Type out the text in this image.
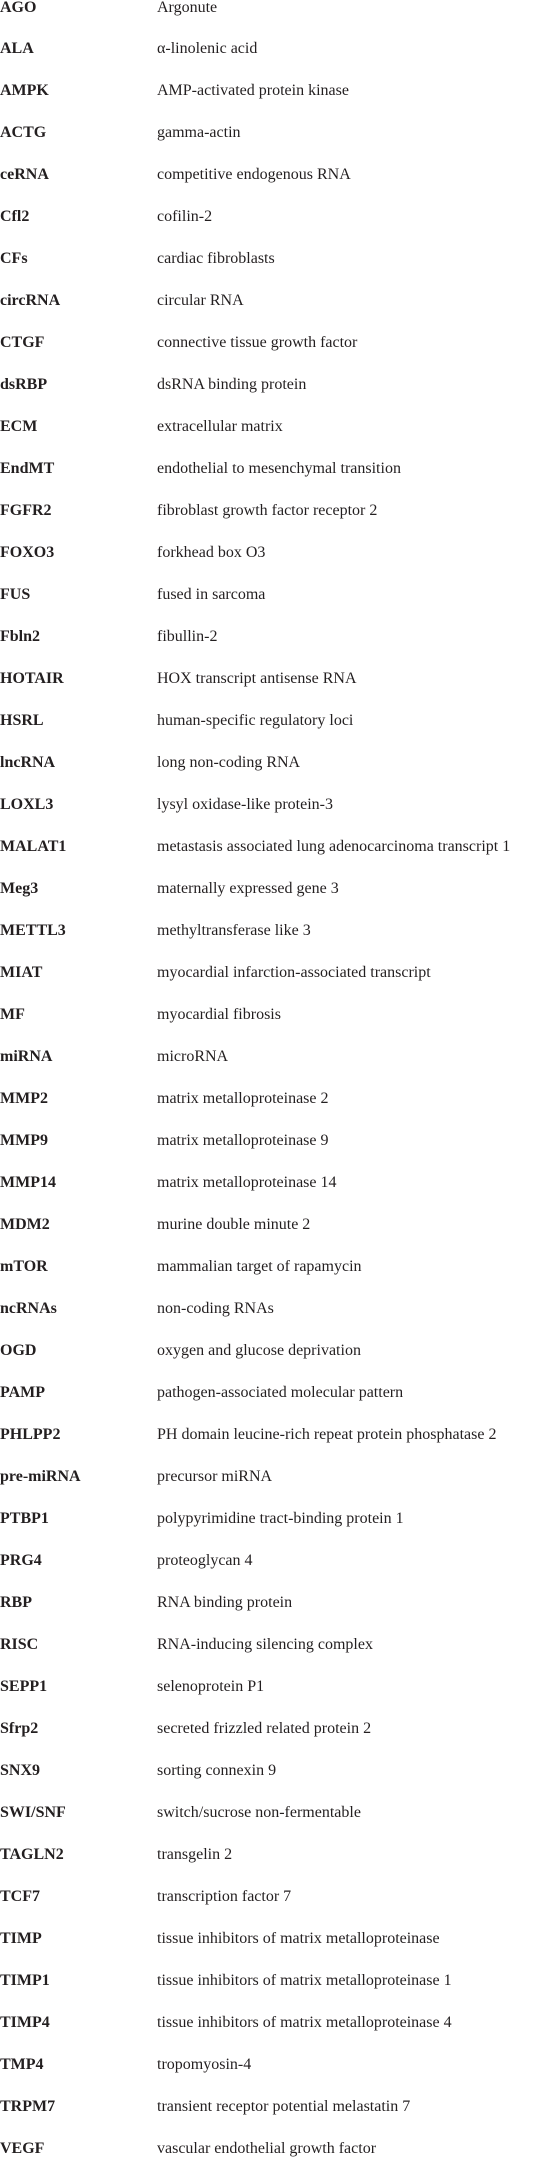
AGO	Argonute
ALA	α-linolenic acid
AMPK	AMP-activated protein kinase
ACTG	gamma-actin
ceRNA	competitive endogenous RNA
Cfl2	cofilin-2
CFs	cardiac fibroblasts
circRNA	circular RNA
CTGF	connective tissue growth factor
dsRBP	dsRNA binding protein
ECM	extracellular matrix
EndMT	endothelial to mesenchymal transition
FGFR2	fibroblast growth factor receptor 2
FOXO3	forkhead box O3
FUS	fused in sarcoma
Fbln2	fibullin-2
HOTAIR	HOX transcript antisense RNA
HSRL	human-specific regulatory loci
lncRNA	long non-coding RNA
LOXL3	lysyl oxidase-like protein-3
MALAT1	metastasis associated lung adenocarcinoma transcript 1
Meg3	maternally expressed gene 3
METTL3	methyltransferase like 3
MIAT	myocardial infarction-associated transcript
MF	myocardial fibrosis
miRNA	microRNA
MMP2	matrix metalloproteinase 2
MMP9	matrix metalloproteinase 9
MMP14	matrix metalloproteinase 14
MDM2	murine double minute 2
mTOR	mammalian target of rapamycin
ncRNAs	non-coding RNAs
OGD	oxygen and glucose deprivation
PAMP	pathogen-associated molecular pattern
PHLPP2	PH domain leucine-rich repeat protein phosphatase 2
pre-miRNA	precursor miRNA
PTBP1	polypyrimidine tract-binding protein 1
PRG4	proteoglycan 4
RBP	RNA binding protein
RISC	RNA-inducing silencing complex
SEPP1	selenoprotein P1
Sfrp2	secreted frizzled related protein 2
SNX9	sorting connexin 9
SWI/SNF	switch/sucrose non-fermentable
TAGLN2	transgelin 2
TCF7	transcription factor 7
TIMP	tissue inhibitors of matrix metalloproteinase
TIMP1	tissue inhibitors of matrix metalloproteinase 1
TIMP4	tissue inhibitors of matrix metalloproteinase 4
TMP4	tropomyosin-4
TRPM7	transient receptor potential melastatin 7
VEGF	vascular endothelial growth factor
